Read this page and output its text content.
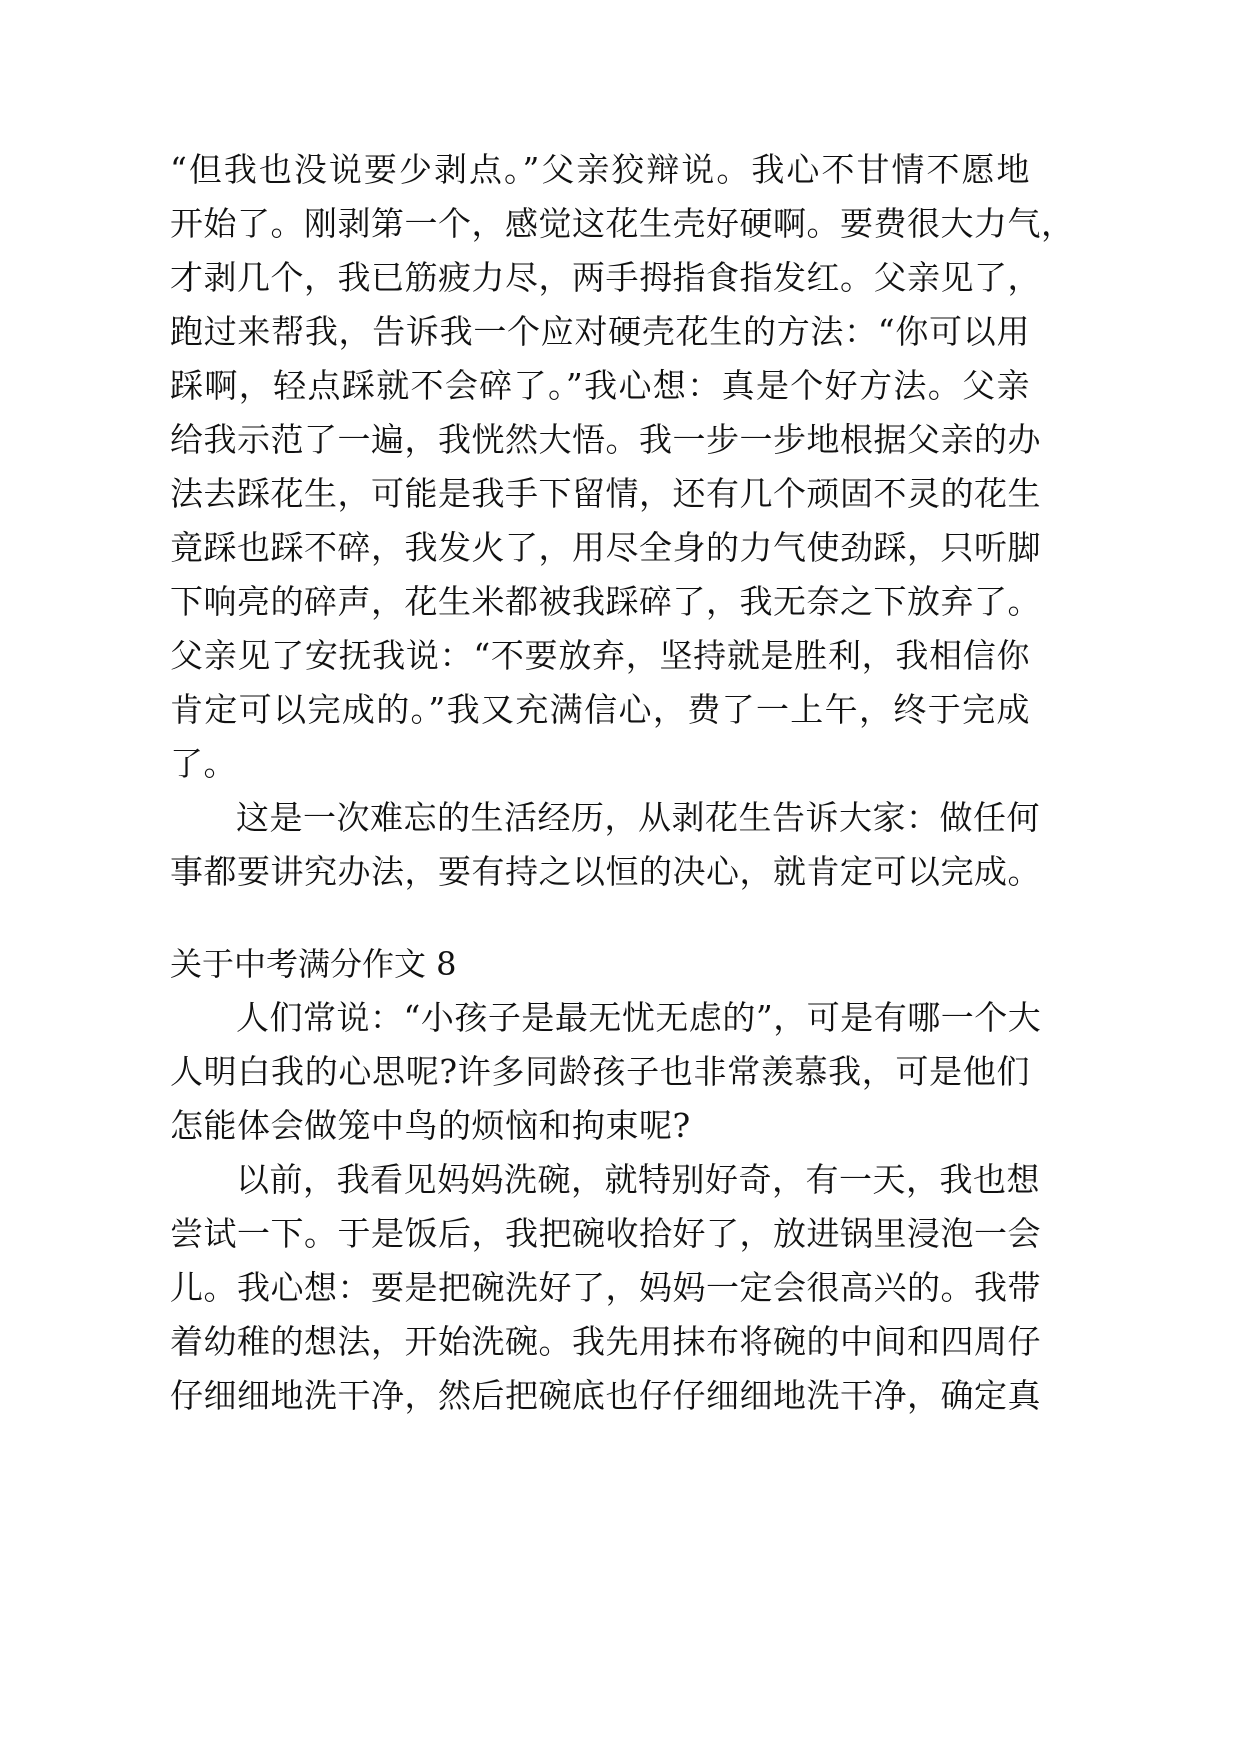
“但我也没说要少剥点。”父亲狡辩说。我心不甘情不愿地
开始了。刚剥第一个，感觉这花生壳好硬啊。要费很大力气，
才剥几个，我已筋疲力尽，两手拇指食指发红。父亲见了，
跑过来帮我，告诉我一个应对硬壳花生的方法：“你可以用
踩啊，轻点踩就不会碎了。”我心想：真是个好方法。父亲
给我示范了一遍，我恍然大悟。我一步一步地根据父亲的办
法去踩花生，可能是我手下留情，还有几个顽固不灵的花生
竟踩也踩不碎，我发火了，用尽全身的力气使劲踩，只听脚
下响亮的碎声，花生米都被我踩碎了，我无奈之下放弃了。
父亲见了安抚我说：“不要放弃，坚持就是胜利，我相信你
肯定可以完成的。”我又充满信心，费了一上午，终于完成
了。
这是一次难忘的生活经历，从剥花生告诉大家：做任何
事都要讲究办法，要有持之以恒的决心，就肯定可以完成。
关于中考满分作文 8
人们常说：“小孩子是最无忧无虑的”，可是有哪一个大
人明白我的心思呢?许多同龄孩子也非常羡慕我，可是他们
怎能体会做笼中鸟的烦恼和拘束呢?
以前，我看见妈妈洗碗，就特别好奇，有一天，我也想
尝试一下。于是饭后，我把碗收拾好了，放进锅里浸泡一会
儿。我心想：要是把碗洗好了，妈妈一定会很高兴的。我带
着幼稚的想法，开始洗碗。我先用抹布将碗的中间和四周仔
仔细细地洗干净，然后把碗底也仔仔细细地洗干净，确定真
